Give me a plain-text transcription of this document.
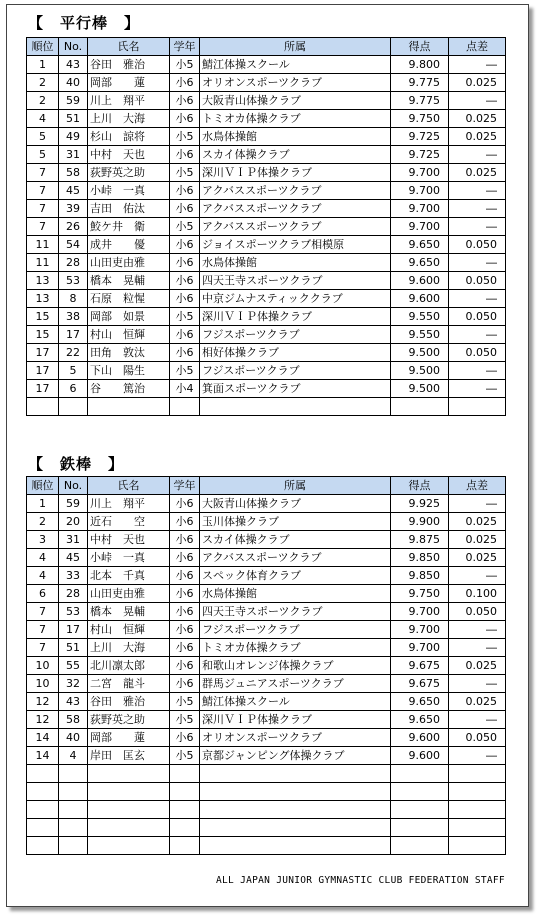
【　平行棒　】
順位	No.	氏名	学年	所属	得点	点差
1	43	谷田　雅治	小5	鯖江体操スクール	9.800	―
2	40	岡部　　蓮	小6	オリオンスポーツクラブ	9.775	0.025
2	59	川上　翔平	小6	大阪青山体操クラブ	9.775	―
4	51	上川　大海	小6	トミオカ体操クラブ	9.750	0.025
5	49	杉山　諒将	小5	水鳥体操館	9.725	0.025
5	31	中村　天也	小6	スカイ体操クラブ	9.725	―
7	58	荻野英之助	小5	深川ＶＩＰ体操クラブ	9.700	0.025
7	45	小峠　一真	小6	アクバススポーツクラブ	9.700	―
7	39	吉田　佑汰	小6	アクバススポーツクラブ	9.700	―
7	26	鮫ケ井　衛	小5	アクバススポーツクラブ	9.700	―
11	54	成井　　優	小6	ジョイスポーツクラブ相模原	9.650	0.050
11	28	山田吏由雅	小6	水鳥体操館	9.650	―
13	53	橋本　晃輔	小6	四天王寺スポーツクラブ	9.600	0.050
13	8	石原　粒惺	小6	中京ジムナスティッククラブ	9.600	―
15	38	岡部　如景	小5	深川ＶＩＰ体操クラブ	9.550	0.050
15	17	村山　恒輝	小6	フジスポーツクラブ	9.550	―
17	22	田角　敦汰	小6	相好体操クラブ	9.500	0.050
17	5	下山　陽生	小5	フジスポーツクラブ	9.500	―
17	6	谷　　篤治	小4	箕面スポーツクラブ	9.500	―

【　鉄棒　】
順位	No.	氏名	学年	所属	得点	点差
1	59	川上　翔平	小6	大阪青山体操クラブ	9.925	―
2	20	近石　　空	小6	玉川体操クラブ	9.900	0.025
3	31	中村　天也	小6	スカイ体操クラブ	9.875	0.025
4	45	小峠　一真	小6	アクバススポーツクラブ	9.850	0.025
4	33	北本　千真	小6	スペック体育クラブ	9.850	―
6	28	山田吏由雅	小6	水鳥体操館	9.750	0.100
7	53	橋本　晃輔	小6	四天王寺スポーツクラブ	9.700	0.050
7	17	村山　恒輝	小6	フジスポーツクラブ	9.700	―
7	51	上川　大海	小6	トミオカ体操クラブ	9.700	―
10	55	北川凛太郎	小6	和歌山オレンジ体操クラブ	9.675	0.025
10	32	二宮　龍斗	小6	群馬ジュニアスポーツクラブ	9.675	―
12	43	谷田　雅治	小5	鯖江体操スクール	9.650	0.025
12	58	荻野英之助	小5	深川ＶＩＰ体操クラブ	9.650	―
14	40	岡部　　蓮	小6	オリオンスポーツクラブ	9.600	0.050
14	4	岸田　匡玄	小5	京都ジャンピング体操クラブ	9.600	―

ALL JAPAN JUNIOR GYMNASTIC CLUB FEDERATION STAFF
